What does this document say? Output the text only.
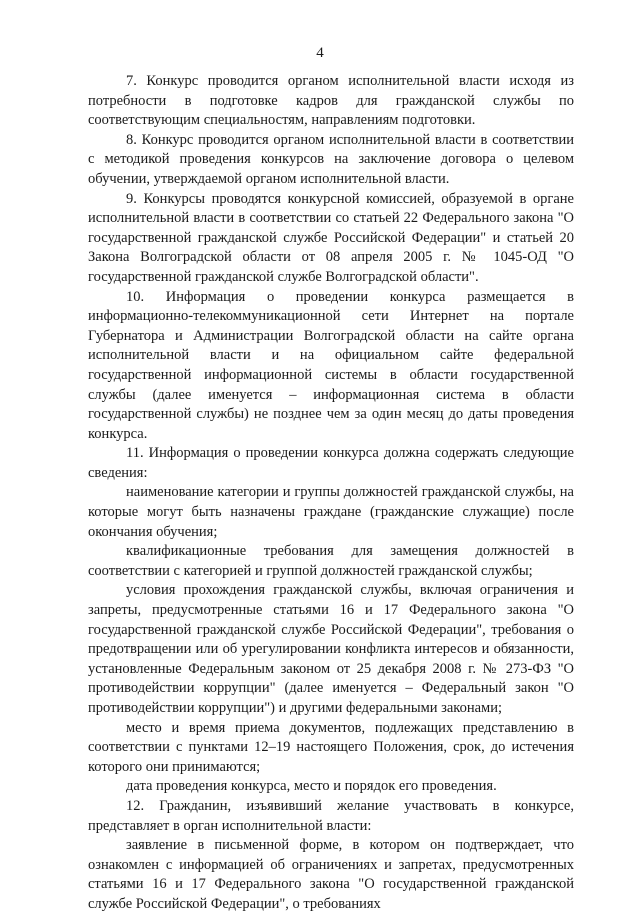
4

7. Конкурс проводится органом исполнительной власти исходя из потребности в подготовке кадров для гражданской службы по соответствующим специальностям, направлениям подготовки.

8. Конкурс проводится органом исполнительной власти в соответствии с методикой проведения конкурсов на заключение договора о целевом обучении, утверждаемой органом исполнительной власти.

9. Конкурсы проводятся конкурсной комиссией, образуемой в органе исполнительной власти в соответствии со статьей 22 Федерального закона "О государственной гражданской службе Российской Федерации" и статьей 20 Закона Волгоградской области от 08 апреля 2005 г. № 1045-ОД "О государственной гражданской службе Волгоградской области".

10. Информация о проведении конкурса размещается в информационно-телекоммуникационной сети Интернет на портале Губернатора и Администрации Волгоградской области на сайте органа исполнительной власти и на официальном сайте федеральной государственной информационной системы в области государственной службы (далее именуется – информационная система в области государственной службы) не позднее чем за один месяц до даты проведения конкурса.

11. Информация о проведении конкурса должна содержать следующие сведения:

наименование категории и группы должностей гражданской службы, на которые могут быть назначены граждане (гражданские служащие) после окончания обучения;

квалификационные требования для замещения должностей в соответствии с категорией и группой должностей гражданской службы;

условия прохождения гражданской службы, включая ограничения и запреты, предусмотренные статьями 16 и 17 Федерального закона "О государственной гражданской службе Российской Федерации", требования о предотвращении или об урегулировании конфликта интересов и обязанности, установленные Федеральным законом от 25 декабря 2008 г. № 273-ФЗ "О противодействии коррупции" (далее именуется – Федеральный закон "О противодействии коррупции") и другими федеральными законами;

место и время приема документов, подлежащих представлению в соответствии с пунктами 12–19 настоящего Положения, срок, до истечения которого они принимаются;

дата проведения конкурса, место и порядок его проведения.

12. Гражданин, изъявивший желание участвовать в конкурсе, представляет в орган исполнительной власти:

заявление в письменной форме, в котором он подтверждает, что ознакомлен с информацией об ограничениях и запретах, предусмотренных статьями 16 и 17 Федерального закона "О государственной гражданской службе Российской Федерации", о требованиях
